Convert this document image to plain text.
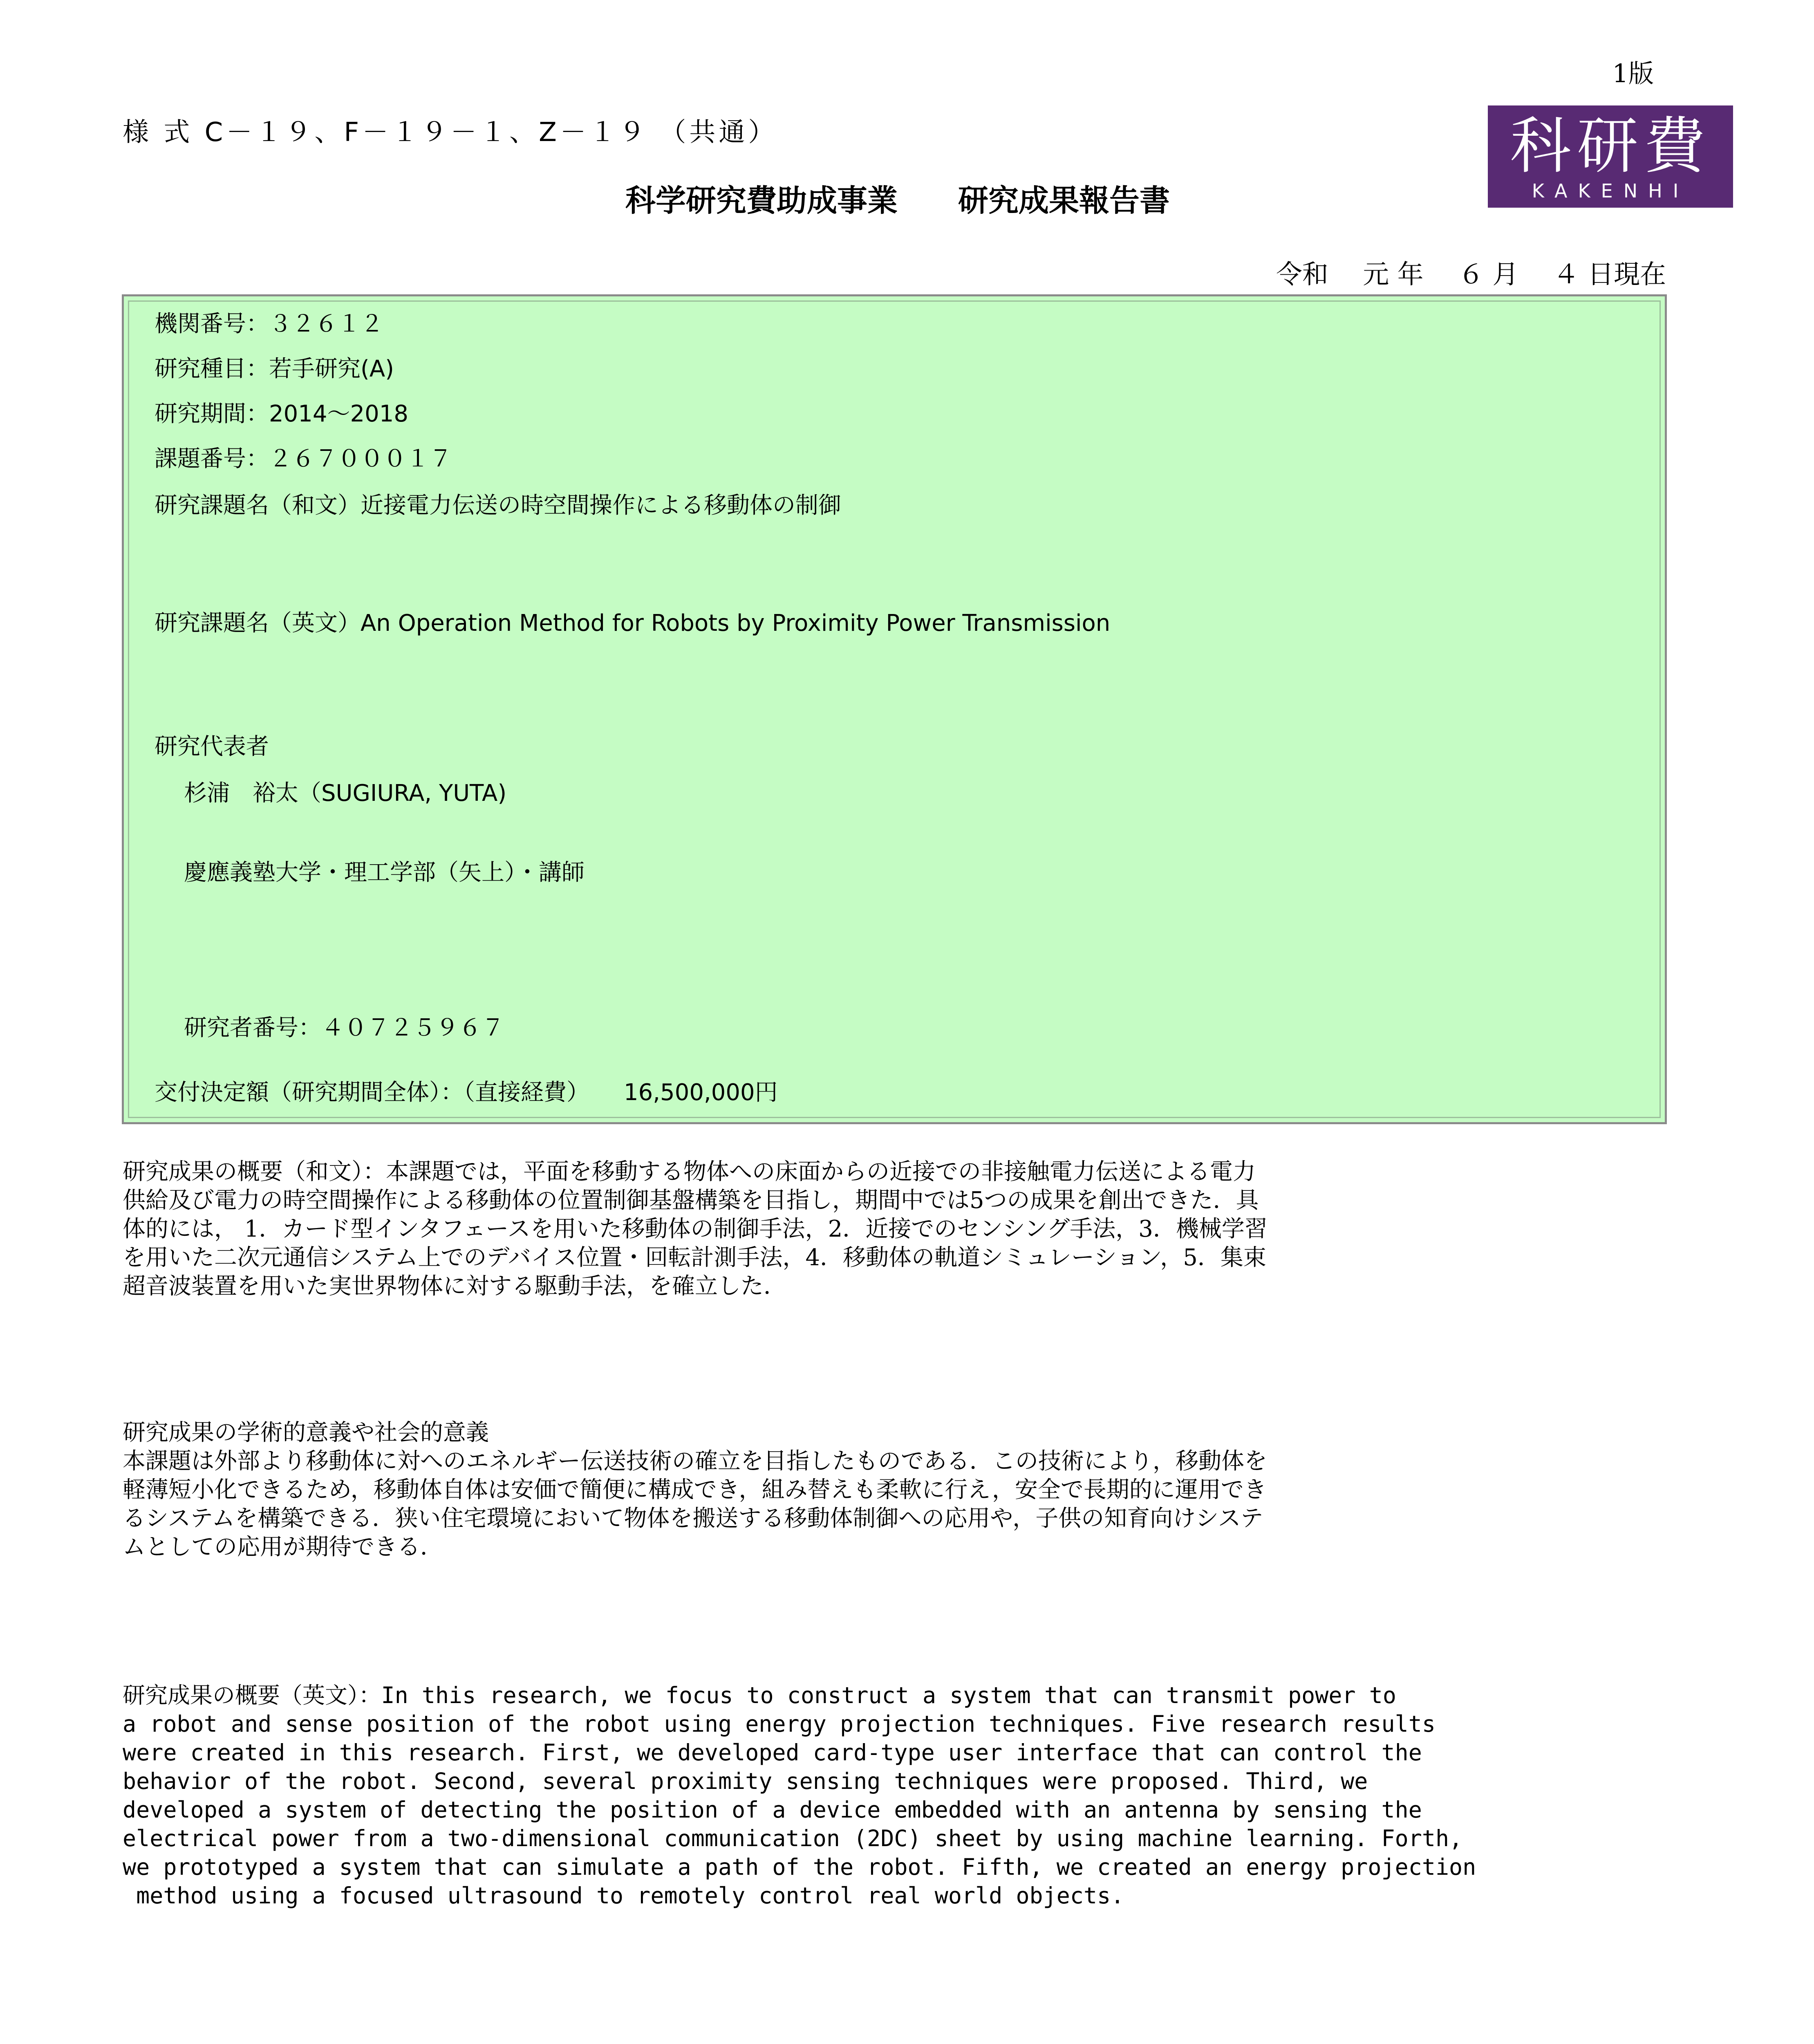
1版
様 式 C－１９、F－１９－１、Z－１９ （共通）	科研費
KAKENHI
科学研究費助成事業　　研究成果報告書
令和　 元 年　 ６ 月　 ４ 日現在
機関番号：３２６１２
研究種目：若手研究(A)
研究期間：2014～2018
課題番号：２６７０００１７
研究課題名（和文）近接電力伝送の時空間操作による移動体の制御
研究課題名（英文）An Operation Method for Robots by Proximity Power Transmission
研究代表者
杉浦　裕太（SUGIURA, YUTA)
慶應義塾大学・理工学部（矢上）・講師
研究者番号：４０７２５９６７
交付決定額（研究期間全体）：（直接経費）　　16,500,000円

研究成果の概要（和文）：本課題では，平面を移動する物体への床面からの近接での非接触電力伝送による電力

供給及び電力の時空間操作による移動体の位置制御基盤構築を目指し，期間中では5つの成果を創出できた．具

体的には， 1．カード型インタフェースを用いた移動体の制御手法，2．近接でのセンシング手法，3．機械学習

を用いた二次元通信システム上でのデバイス位置・回転計測手法，4．移動体の軌道シミュレーション，5．集束

超音波装置を用いた実世界物体に対する駆動手法，を確立した．

研究成果の学術的意義や社会的意義

本課題は外部より移動体に対へのエネルギー伝送技術の確立を目指したものである．この技術により，移動体を

軽薄短小化できるため，移動体自体は安価で簡便に構成でき，組み替えも柔軟に行え，安全で長期的に運用でき

るシステムを構築できる．狭い住宅環境において物体を搬送する移動体制御への応用や，子供の知育向けシステ

ムとしての応用が期待できる．

研究成果の概要（英文）：In this research, we focus to construct a system that can transmit power to

a robot and sense position of the robot using energy projection techniques. Five research results

were created in this research. First, we developed card-type user interface that can control the

behavior of the robot. Second, several proximity sensing techniques were proposed. Third, we

developed a system of detecting the position of a device embedded with an antenna by sensing the

electrical power from a two-dimensional communication (2DC) sheet by using machine learning. Forth,

we prototyped a system that can simulate a path of the robot. Fifth, we created an energy projection

method using a focused ultrasound to remotely control real world objects.
